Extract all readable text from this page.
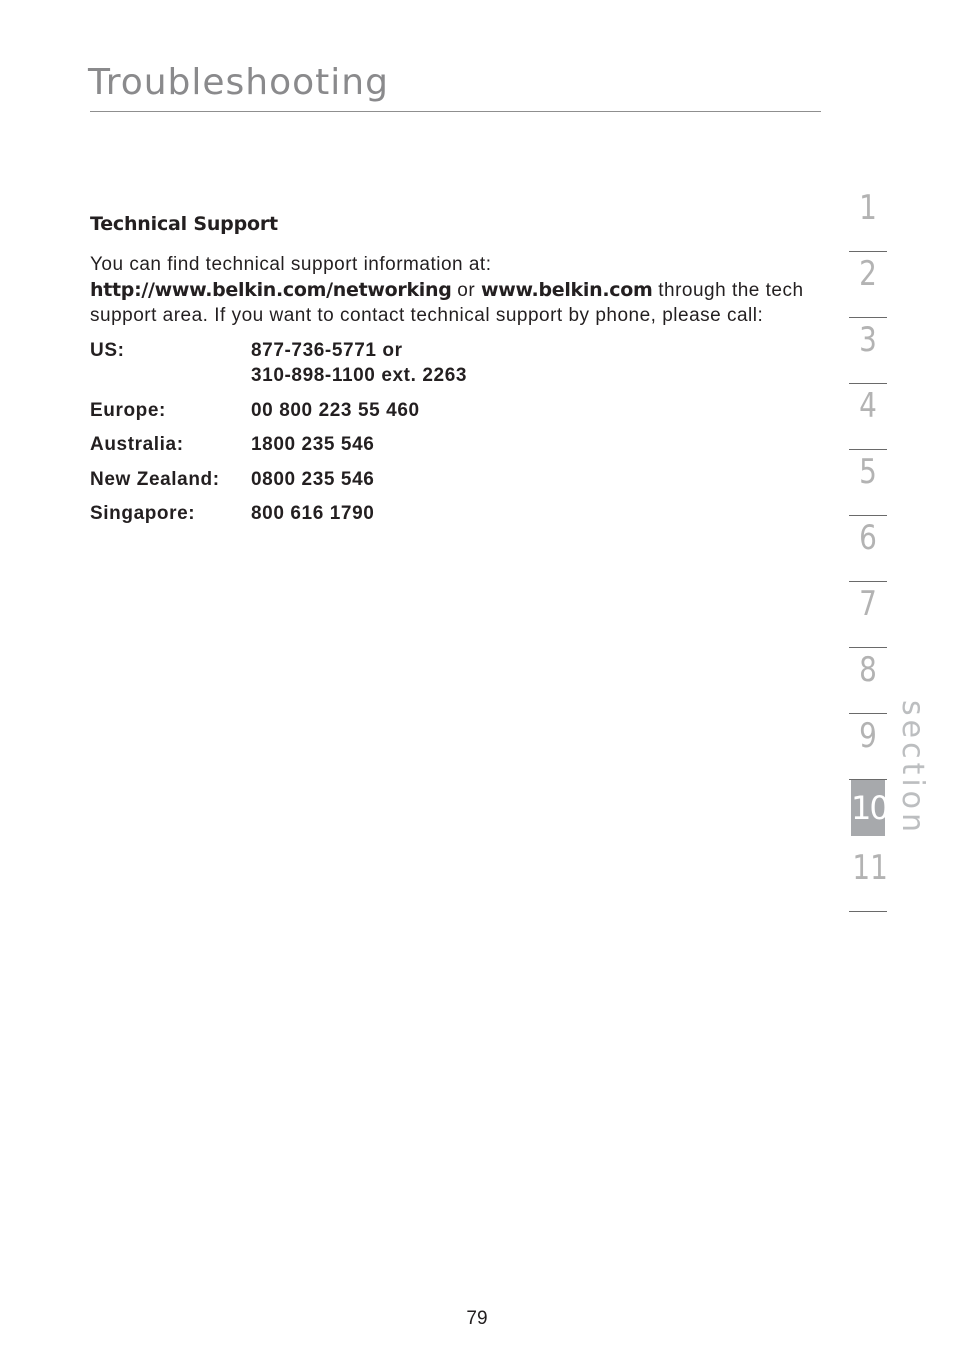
Troubleshooting
Technical Support

You can find technical support information at:
http://www.belkin.com/networking or www.belkin.com through the tech support area. If you want to contact technical support by phone, please call:

US:	877-736-5771 or
310-898-1100 ext. 2263
Europe:	00 800 223 55 460
Australia:	1800 235 546
New Zealand:	0800 235 546
Singapore:	800 616 1790
1
2
3
4
5
6
7
8
9
10
11
section
79
